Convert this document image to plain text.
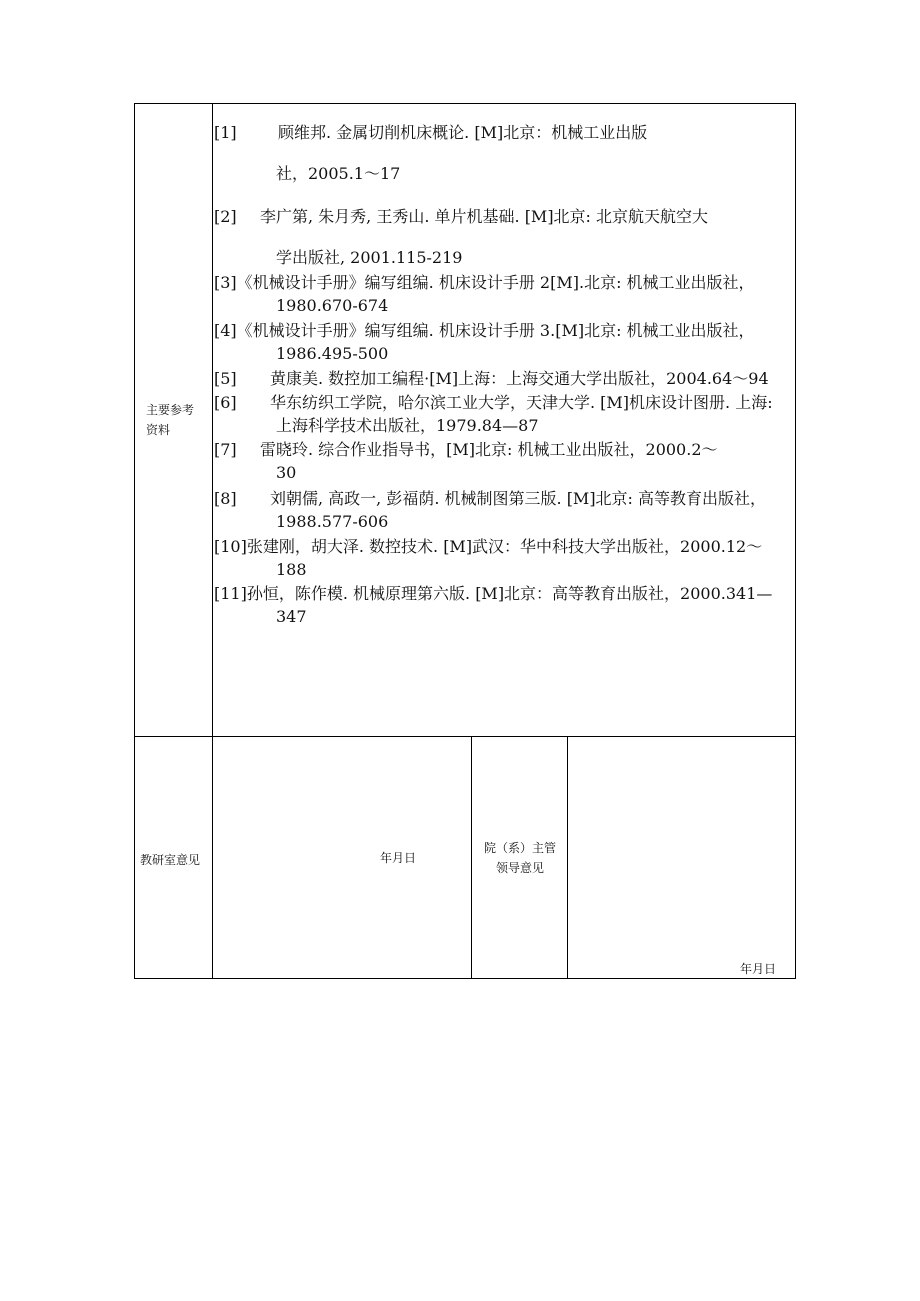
主要参考
资料
教研室意见
[1]	顾维邦. 金属切削机床概论. [M]北京：机械工业出版
社，2005.1～17
[2] 李广第, 朱月秀, 王秀山. 单片机基础. [M]北京: 北京航天航空大
学出版社, 2001.115-219
[3]《机械设计手册》编写组编. 机床设计手册 2[M].北京: 机械工业出版社，
1980.670-674
[4]《机械设计手册》编写组编. 机床设计手册 3.[M]北京: 机械工业出版社，
1986.495-500
[5] 黄康美. 数控加工编程·[M]上海：上海交通大学出版社，2004.64～94
[6] 华东纺织工学院，哈尔滨工业大学，天津大学. [M]机床设计图册. 上海:
上海科学技术出版社，1979.84—87
[7] 雷晓玲. 综合作业指导书，[M]北京: 机械工业出版社，2000.2～
30
[8] 刘朝儒, 高政一, 彭福荫. 机械制图第三版. [M]北京: 高等教育出版社，
1988.577-606
[10]张建刚，胡大泽. 数控技术. [M]武汉：华中科技大学出版社，2000.12～
188
[11]孙恒，陈作模. 机械原理第六版. [M]北京：高等教育出版社，2000.341—
347
年月日
院（系）主管
领导意见
年月日
